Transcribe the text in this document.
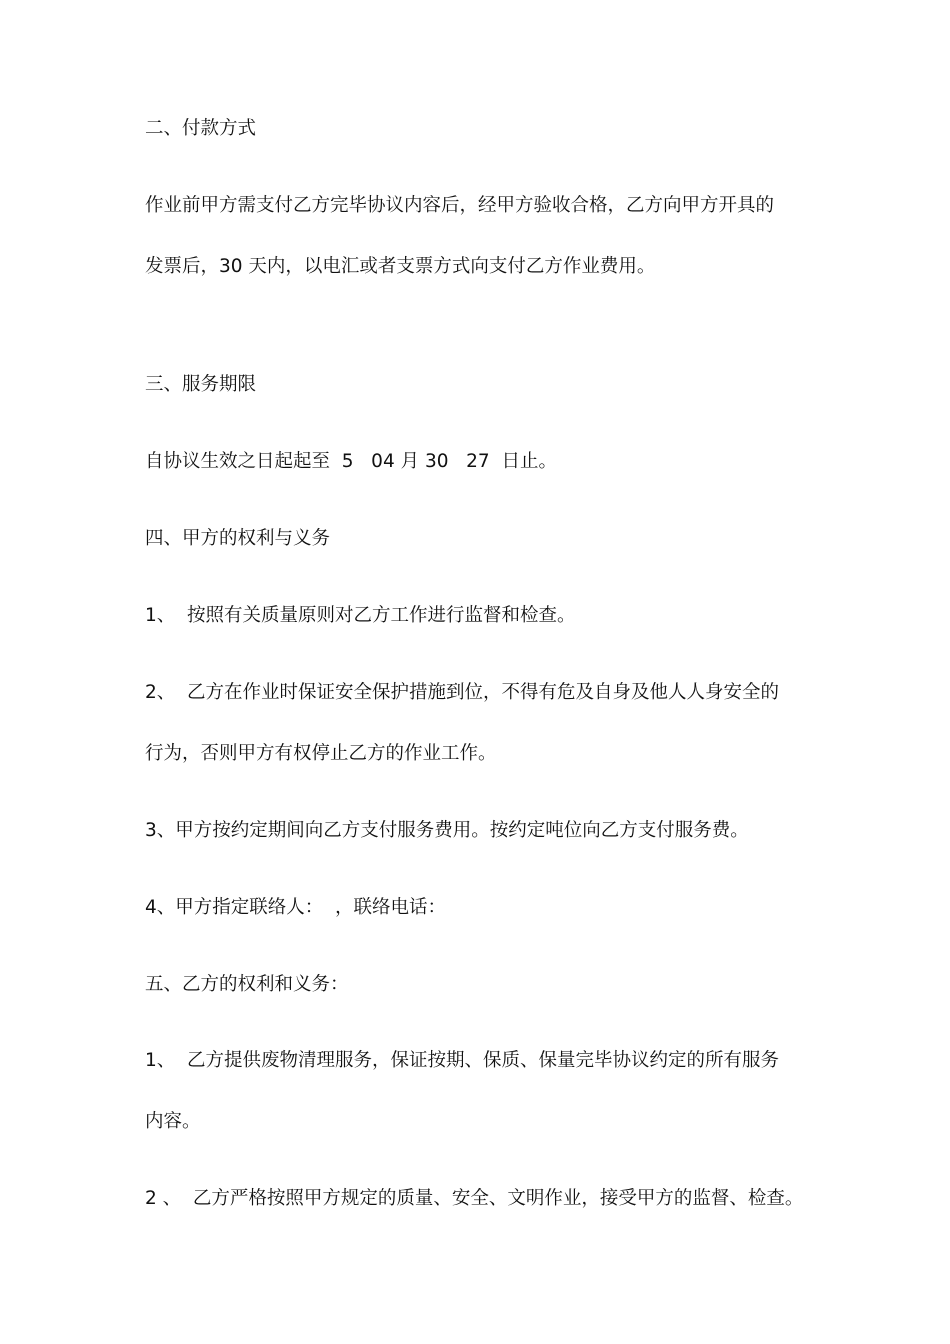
二、付款方式
作业前甲方需支付乙方完毕协议内容后，经甲方验收合格，乙方向甲方开具的
发票后，30 天内，以电汇或者支票方式向支付乙方作业费用。
三、服务期限
自协议生效之日起起至  5   04 月 30   27  日止。
四、甲方的权利与义务
1、  按照有关质量原则对乙方工作进行监督和检查。
2、  乙方在作业时保证安全保护措施到位，不得有危及自身及他人人身安全的
行为，否则甲方有权停止乙方的作业工作。
3、甲方按约定期间向乙方支付服务费用。按约定吨位向乙方支付服务费。
4、甲方指定联络人：  ，联络电话：
五、乙方的权利和义务：
1、  乙方提供废物清理服务，保证按期、保质、保量完毕协议约定的所有服务
内容。
2 、  乙方严格按照甲方规定的质量、安全、文明作业，接受甲方的监督、检查。
